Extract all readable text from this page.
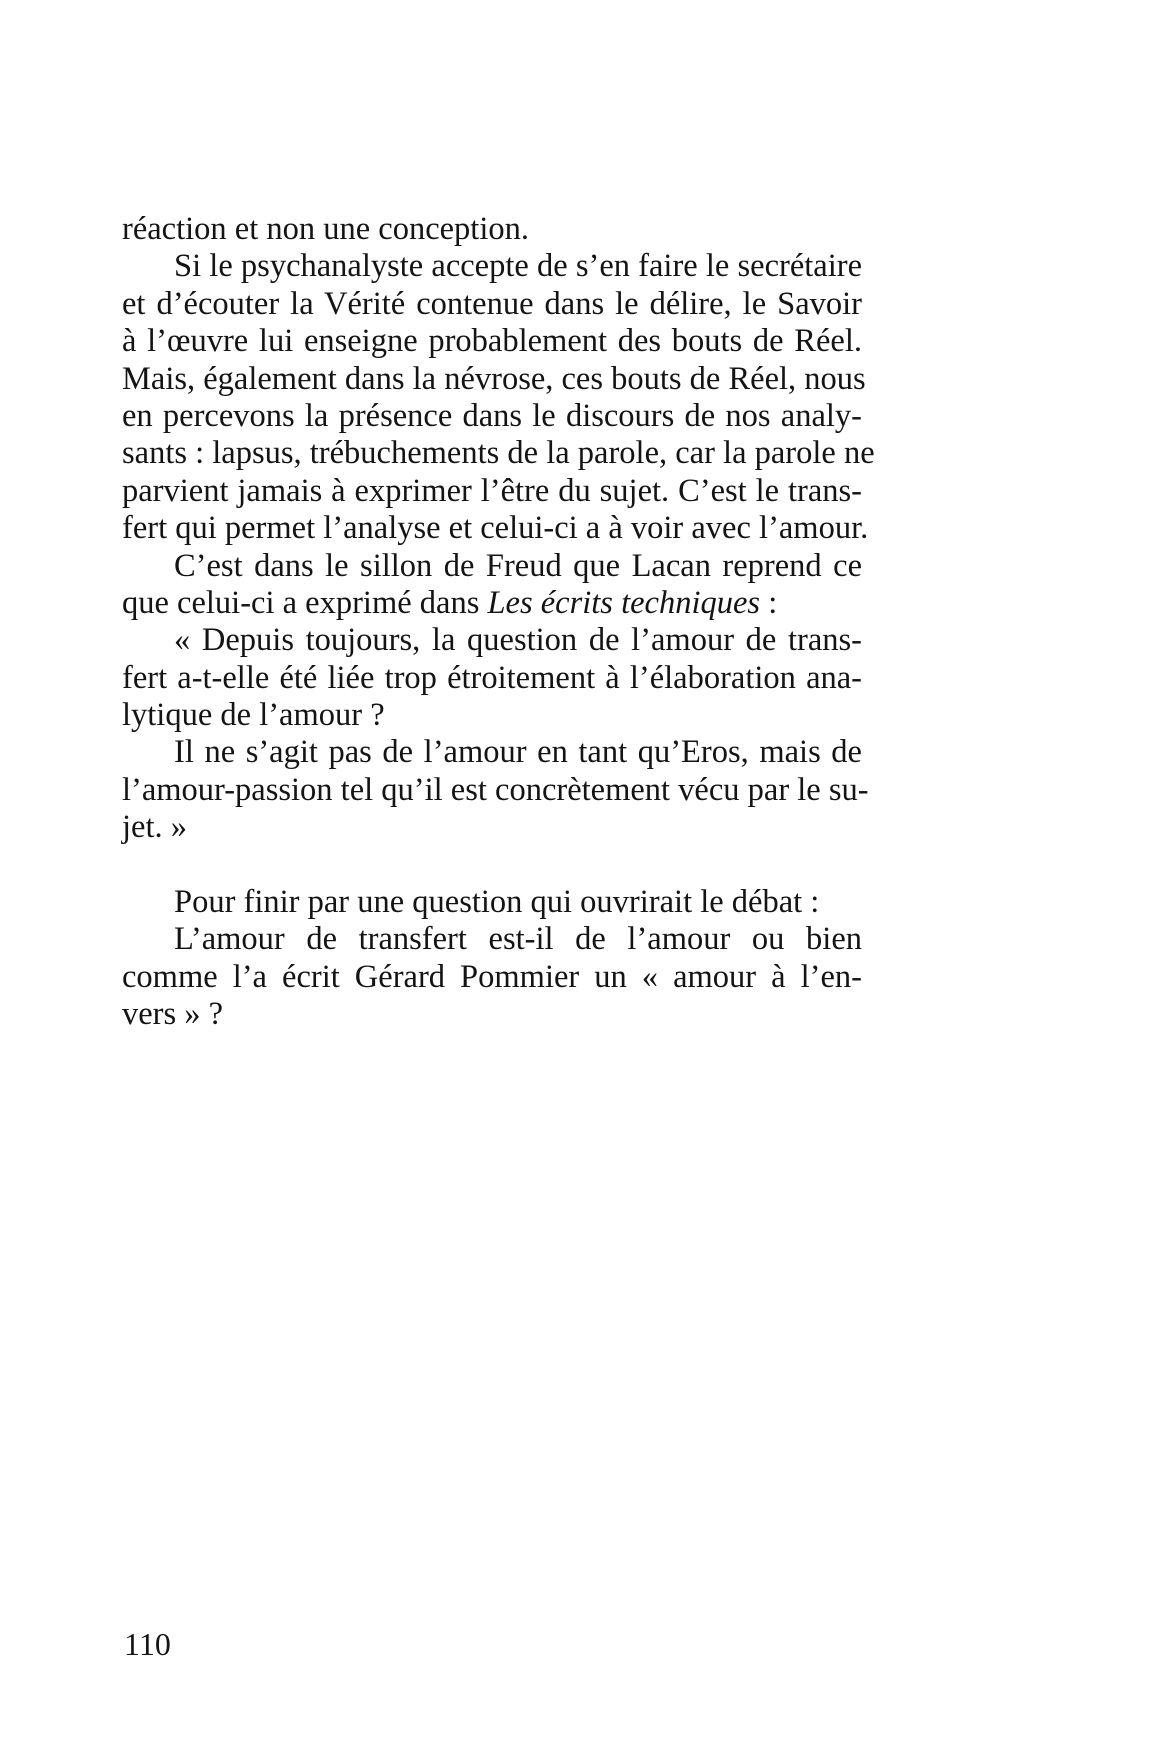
réaction et non une conception.
Si le psychanalyste accepte de s’en faire le secrétaire
et d’écouter la Vérité contenue dans le délire, le Savoir
à l’œuvre lui enseigne probablement des bouts de Réel.
Mais, également dans la névrose, ces bouts de Réel, nous
en percevons la présence dans le discours de nos analy-
sants : lapsus, trébuchements de la parole, car la parole ne
parvient jamais à exprimer l’être du sujet. C’est le trans-
fert qui permet l’analyse et celui-ci a à voir avec l’amour.
C’est dans le sillon de Freud que Lacan reprend ce
que celui-ci a exprimé dans Les écrits techniques :
« Depuis toujours, la question de l’amour de trans-
fert a-t-elle été liée trop étroitement à l’élaboration ana-
lytique de l’amour ?
Il ne s’agit pas de l’amour en tant qu’Eros, mais de
l’amour-passion tel qu’il est concrètement vécu par le su-
jet. »
Pour finir par une question qui ouvrirait le débat :
L’amour de transfert est-il de l’amour ou bien
comme l’a écrit Gérard Pommier un « amour à l’en-
vers » ?
110
